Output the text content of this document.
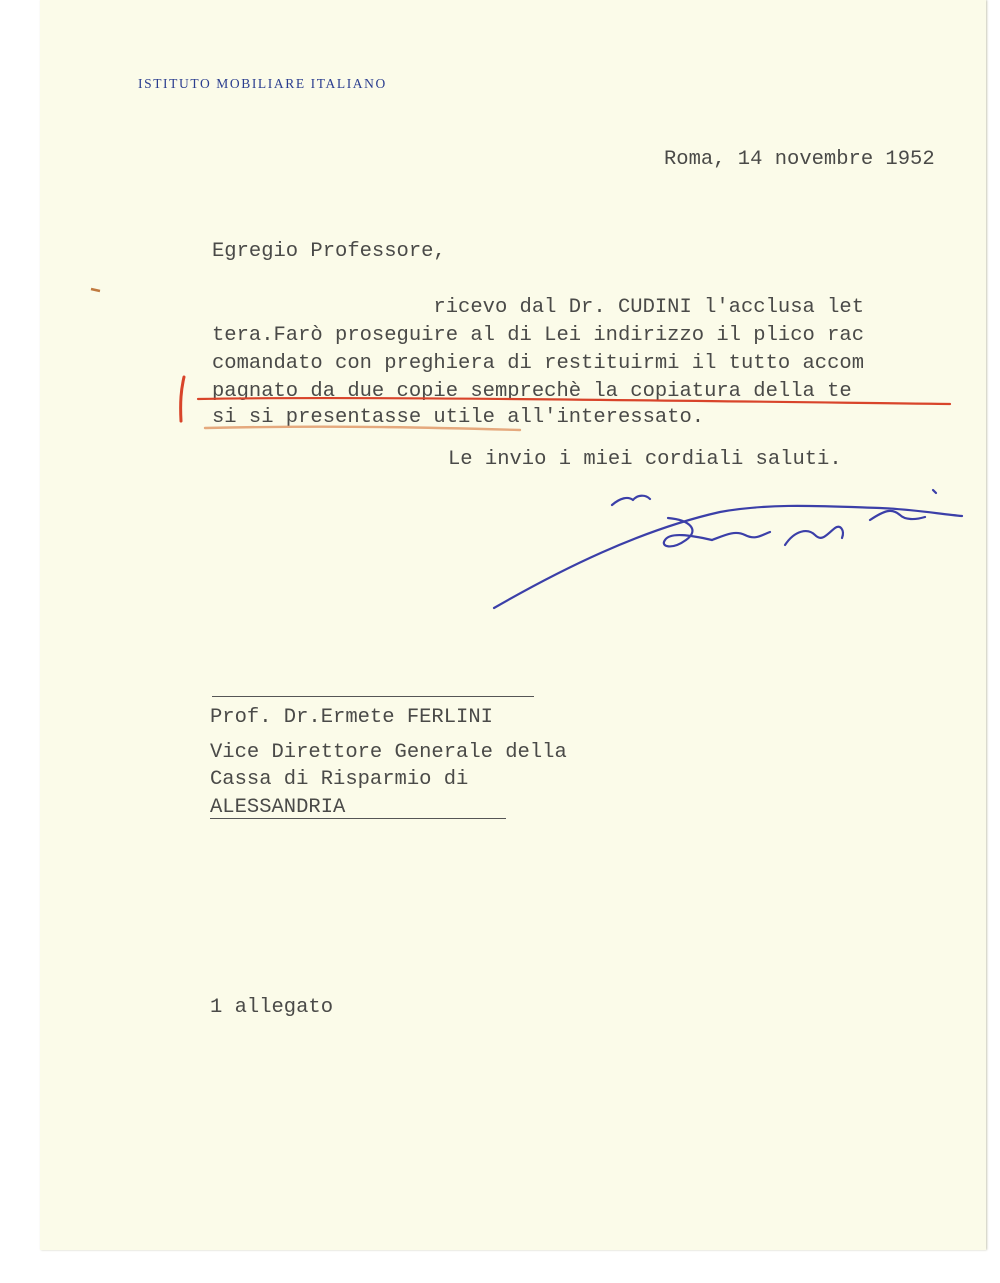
ISTITUTO MOBILIARE ITALIANO
Roma, 14 novembre 1952
Egregio Professore,
ricevo dal Dr. CUDINI l'acclusa let
tera.Farò proseguire al di Lei indirizzo il plico rac
comandato con preghiera di restituirmi il tutto accom
pagnato da due copie semprechè la copiatura della te
si si presentasse utile all'interessato.
Le invio i miei cordiali saluti.
Prof. Dr.Ermete FERLINI
Vice Direttore Generale della
Cassa di Risparmio di
ALESSANDRIA
1 allegato
